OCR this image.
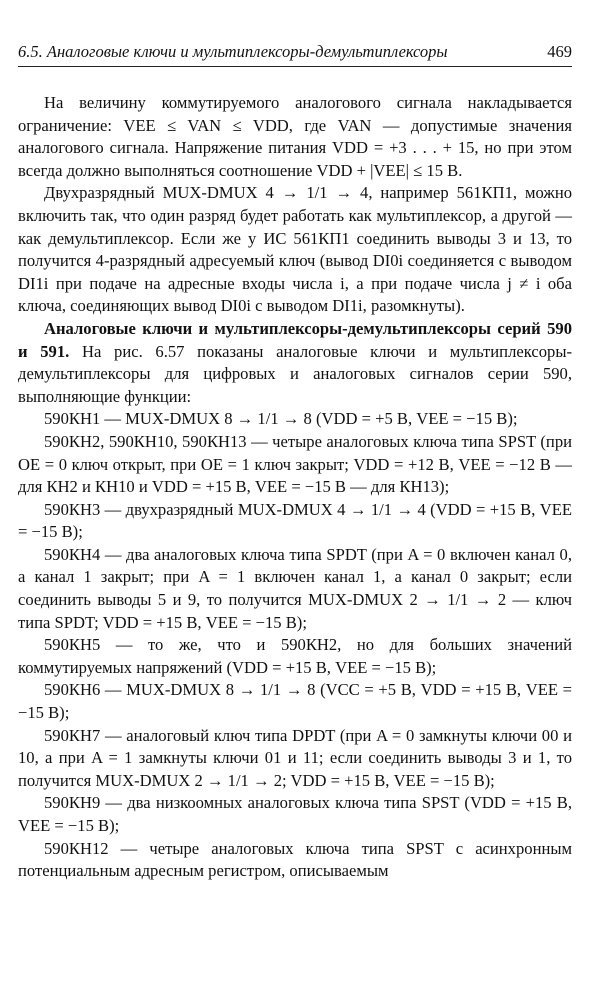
6.5. Аналоговые ключи и мультиплексоры-демультиплексоры	469

На величину коммутируемого аналогового сигнала накладывается ограничение: VEE ≤ VAN ≤ VDD, где VAN — допустимые значения аналогового сигнала. Напряжение питания VDD = +3 . . . + 15, но при этом всегда должно выполняться соотношение VDD + |VEE| ≤ 15 В.

Двухразрядный MUX-DMUX 4 → 1/1 → 4, например 561КП1, можно включить так, что один разряд будет работать как мультиплексор, а другой — как демультиплексор. Если же у ИС 561КП1 соединить выводы 3 и 13, то получится 4-разрядный адресуемый ключ (вывод DI0i соединяется с выводом DI1i при подаче на адресные входы числа i, а при подаче числа j ≠ i оба ключа, соединяющих вывод DI0i с выводом DI1i, разомкнуты).

Аналоговые ключи и мультиплексоры-демультиплексоры серий 590 и 591. На рис. 6.57 показаны аналоговые ключи и мультиплексоры-демультиплексоры для цифровых и аналоговых сигналов серии 590, выполняющие функции:

590КН1 — MUX-DMUX 8 → 1/1 → 8 (VDD = +5 В, VEE = −15 В);

590КН2, 590КН10, 590КН13 — четыре аналоговых ключа типа SPST (при OE = 0 ключ открыт, при OE = 1 ключ закрыт; VDD = +12 В, VEE = −12 В — для КН2 и КН10 и VDD = +15 В, VEE = −15 В — для КН13);

590КН3 — двухразрядный MUX-DMUX 4 → 1/1 → 4 (VDD = +15 В, VEE = −15 В);

590КН4 — два аналоговых ключа типа SPDT (при A = 0 включен канал 0, а канал 1 закрыт; при A = 1 включен канал 1, а канал 0 закрыт; если соединить выводы 5 и 9, то получится MUX-DMUX 2 → 1/1 → 2 — ключ типа SPDT; VDD = +15 В, VEE = −15 В);

590КН5 — то же, что и 590КН2, но для больших значений коммутируемых напряжений (VDD = +15 В, VEE = −15 В);

590КН6 — MUX-DMUX 8 → 1/1 → 8 (VCC = +5 В, VDD = +15 В, VEE = −15 В);

590КН7 — аналоговый ключ типа DPDT (при A = 0 замкнуты ключи 00 и 10, а при A = 1 замкнуты ключи 01 и 11; если соединить выводы 3 и 1, то получится MUX-DMUX 2 → 1/1 → 2; VDD = +15 В, VEE = −15 В);

590КН9 — два низкоомных аналоговых ключа типа SPST (VDD = +15 В, VEE = −15 В);

590КН12 — четыре аналоговых ключа типа SPST с асинхронным потенциальным адресным регистром, описываемым
